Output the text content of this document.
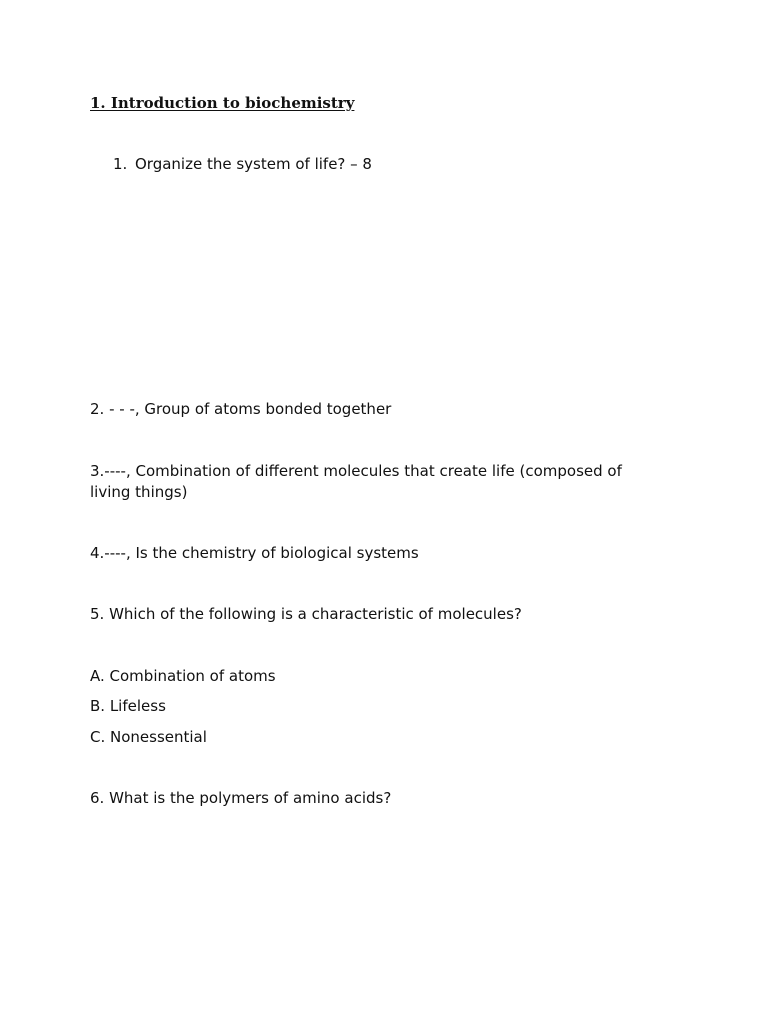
1. Introduction to biochemistry
1. Organize the system of life? – 8
2. - - -, Group of atoms bonded together
3.----, Combination of different molecules that create life (composed of living things)
4.----, Is the chemistry of biological systems
5. Which of the following is a characteristic of molecules?
A. Combination of atoms
B. Lifeless
C. Nonessential
6. What is the polymers of amino acids?
